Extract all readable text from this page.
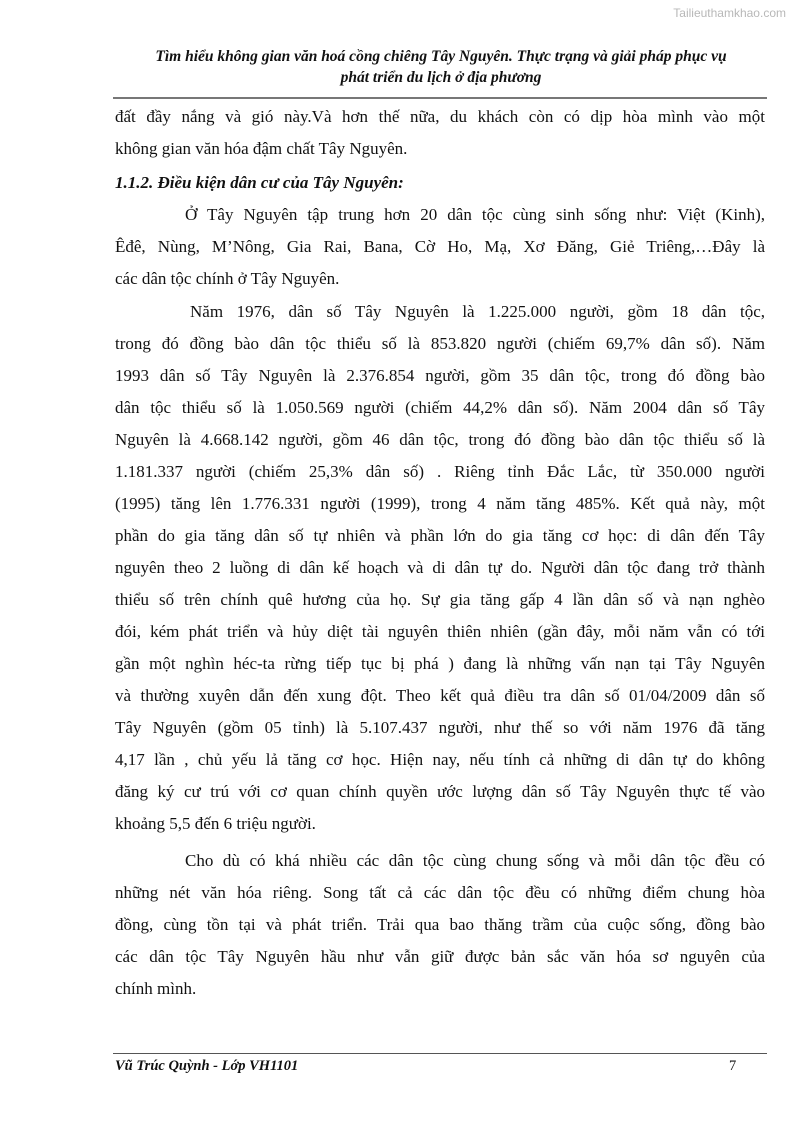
Tailieuthamkhao.com
Tìm hiểu không gian văn hoá cồng chiêng Tây Nguyên. Thực trạng và giải pháp phục vụ
phát triển du lịch ở địa phương
đất đầy nắng và gió này.Và hơn thế nữa, du khách còn có dịp hòa mình vào một
không gian văn hóa đậm chất Tây Nguyên.
1.1.2. Điều kiện dân cư của Tây Nguyên:
Ở Tây Nguyên tập trung hơn 20 dân tộc cùng sinh sống như: Việt (Kinh),
Êđê, Nùng, M’Nông, Gia Rai, Bana, Cờ Ho, Mạ, Xơ Đăng, Giẻ Triêng,…Đây là
các dân tộc chính ở Tây Nguyên.
Năm 1976, dân số Tây Nguyên là 1.225.000 người, gồm 18 dân tộc,
trong đó đồng bào dân tộc thiểu số là 853.820 người (chiếm 69,7% dân số). Năm
1993 dân số Tây Nguyên là 2.376.854 người, gồm 35 dân tộc, trong đó đồng bào
dân tộc thiểu số là 1.050.569 người (chiếm 44,2% dân số). Năm 2004 dân số Tây
Nguyên là 4.668.142 người, gồm 46 dân tộc, trong đó đồng bào dân tộc thiểu số là
1.181.337 người (chiếm 25,3% dân số) . Riêng tỉnh Đắc Lắc, từ 350.000 người
(1995) tăng lên 1.776.331 người (1999), trong 4 năm tăng 485%. Kết quả này, một
phần do gia tăng dân số tự nhiên và phần lớn do gia tăng cơ học: di dân đến Tây
nguyên theo 2 luồng di dân kế hoạch và di dân tự do. Người dân tộc đang trở thành
thiểu số trên chính quê hương của họ. Sự gia tăng gấp 4 lần dân số và nạn nghèo
đói, kém phát triển và hủy diệt tài nguyên thiên nhiên (gần đây, mỗi năm vẫn có tới
gần một nghìn héc-ta rừng tiếp tục bị phá ) đang là những vấn nạn tại Tây Nguyên
và thường xuyên dẫn đến xung đột. Theo kết quả điều tra dân số 01/04/2009 dân số
Tây Nguyên (gồm 05 tỉnh) là 5.107.437 người, như thế so với năm 1976 đã tăng
4,17 lần , chủ yếu lả tăng cơ học. Hiện nay, nếu tính cả những di dân tự do không
đăng ký cư trú với cơ quan chính quyền ước lượng dân số Tây Nguyên thực tế vào
khoảng 5,5 đến 6 triệu người.
Cho dù có khá nhiều các dân tộc cùng chung sống và mỗi dân tộc đều có
những nét văn hóa riêng. Song tất cả các dân tộc đều có những điểm chung hòa
đồng, cùng tồn tại và phát triển. Trải qua bao thăng trầm của cuộc sống, đồng bào
các dân tộc Tây Nguyên hầu như vẫn giữ được bản sắc văn hóa sơ nguyên của
chính mình.
Vũ Trúc Quỳnh - Lớp VH1101	7
